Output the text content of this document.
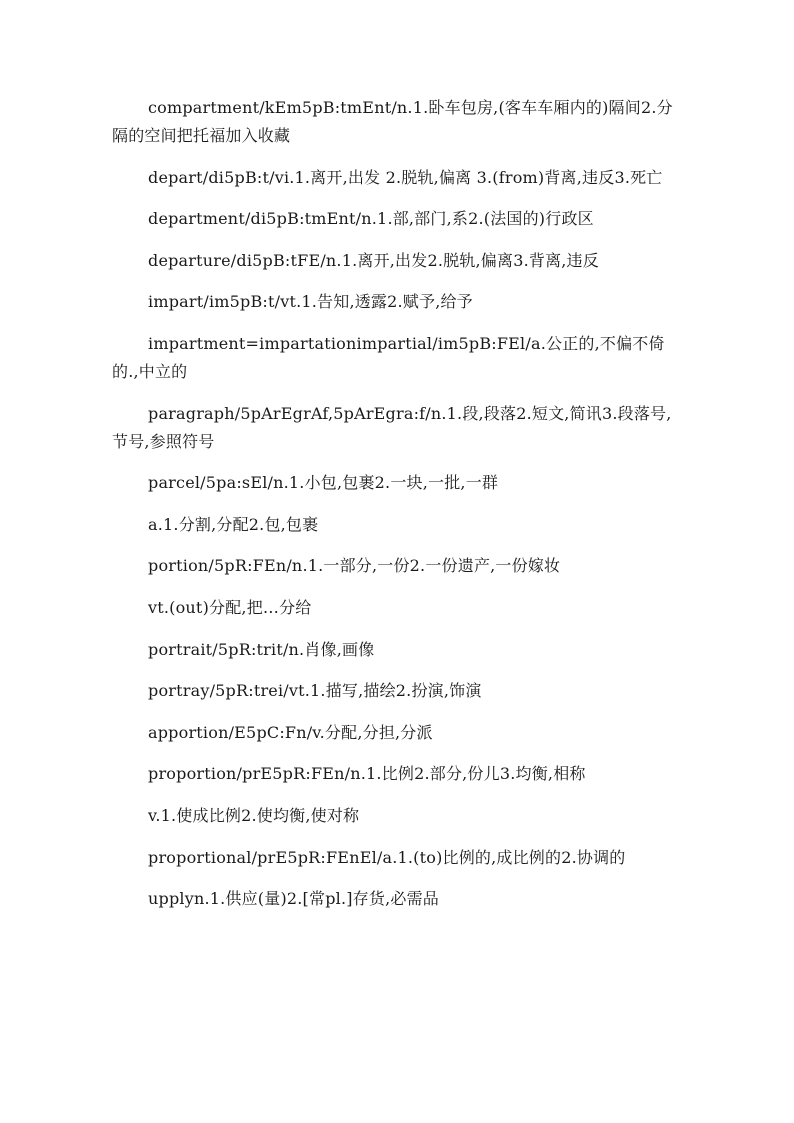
compartment/kEm5pB:tmEnt/n.1.卧车包房,(客车车厢内的)隔间2.分隔的空间把托福加入收藏

depart/di5pB:t/vi.1.离开,出发 2.脱轨,偏离 3.(from)背离,违反3.死亡

department/di5pB:tmEnt/n.1.部,部门,系2.(法国的)行政区

departure/di5pB:tFE/n.1.离开,出发2.脱轨,偏离3.背离,违反

impart/im5pB:t/vt.1.告知,透露2.赋予,给予

impartment=impartationimpartial/im5pB:FEl/a.公正的,不偏不倚的.,中立的

paragraph/5pArEgrAf,5pArEgra:f/n.1.段,段落2.短文,简讯3.段落号,节号,参照符号

parcel/5pa:sEl/n.1.小包,包裹2.一块,一批,一群

a.1.分割,分配2.包,包裹

portion/5pR:FEn/n.1.一部分,一份2.一份遗产,一份嫁妆

vt.(out)分配,把…分给

portrait/5pR:trit/n.肖像,画像

portray/5pR:trei/vt.1.描写,描绘2.扮演,饰演

apportion/E5pC:Fn/v.分配,分担,分派

proportion/prE5pR:FEn/n.1.比例2.部分,份儿3.均衡,相称

v.1.使成比例2.使均衡,使对称

proportional/prE5pR:FEnEl/a.1.(to)比例的,成比例的2.协调的

upplyn.1.供应(量)2.[常pl.]存货,必需品
